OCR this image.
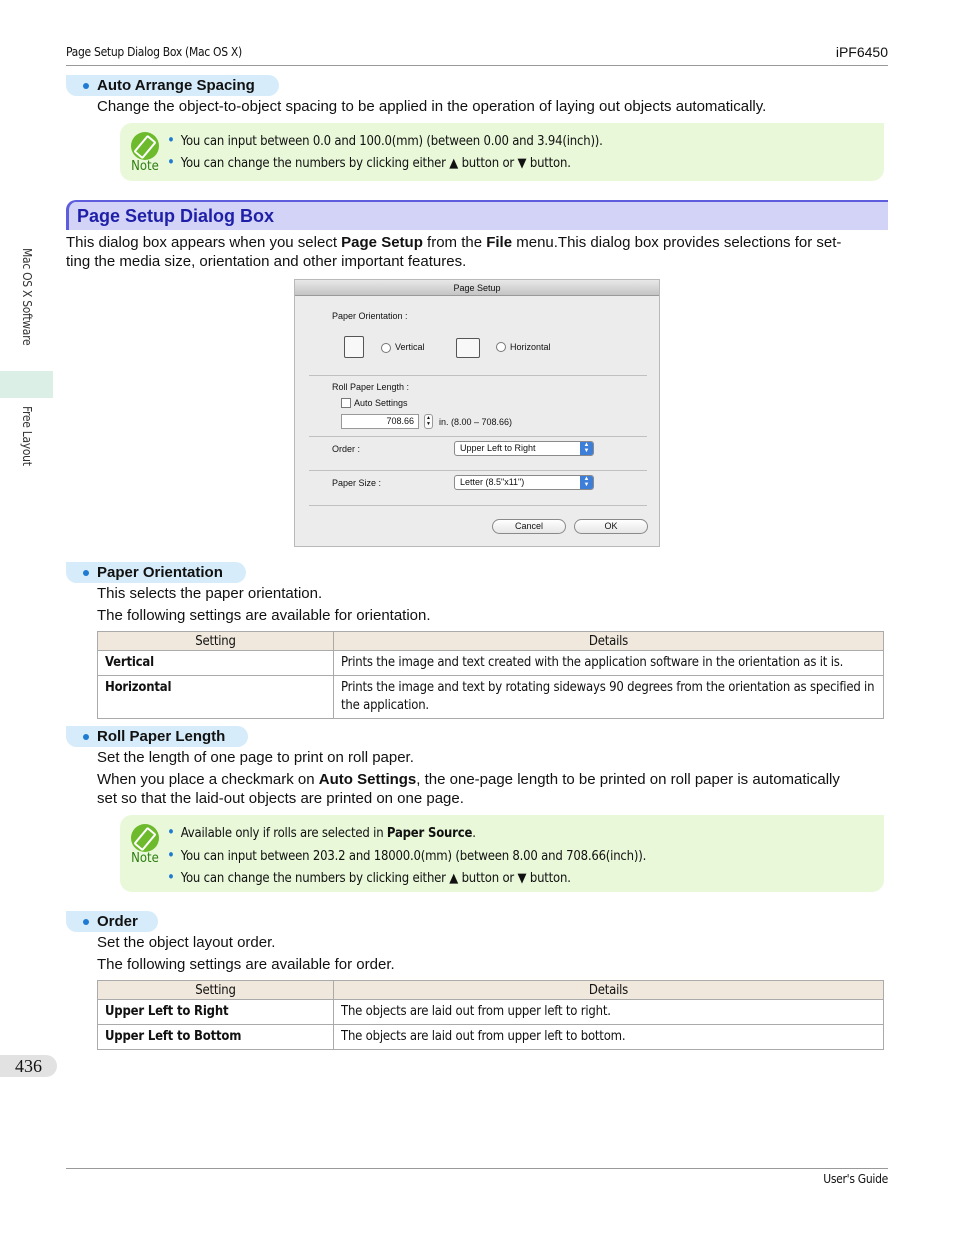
Page Setup Dialog Box (Mac OS X)	iPF6450
Mac OS X Software
Free Layout
Auto Arrange Spacing
Change the object-to-object spacing to be applied in the operation of laying out objects automatically.
Note
• You can input between 0.0 and 100.0(mm) (between 0.00 and 3.94(inch)).
• You can change the numbers by clicking either ▲ button or ▼ button.
Page Setup Dialog Box
This dialog box appears when you select Page Setup from the File menu.This dialog box provides selections for set-
ting the media size, orientation and other important features.
Page Setup
Paper Orientation :
Vertical	Horizontal
Roll Paper Length :
Auto Settings
708.66	▲
▼ in. (8.00 – 708.66)
Order :	Upper Left to Right	▲
▼
Paper Size :	Letter (8.5"x11")	▲
▼
Cancel	OK
Paper Orientation
This selects the paper orientation.
The following settings are available for orientation.
Setting	Details
Vertical	Prints the image and text created with the application software in the orientation as it is.
Horizontal	Prints the image and text by rotating sideways 90 degrees from the orientation as specified in the application.
Roll Paper Length
Set the length of one page to print on roll paper.
When you place a checkmark on Auto Settings, the one-page length to be printed on roll paper is automatically
set so that the laid-out objects are printed on one page.
Note
• Available only if rolls are selected in Paper Source.
• You can input between 203.2 and 18000.0(mm) (between 8.00 and 708.66(inch)).
• You can change the numbers by clicking either ▲ button or ▼ button.
Order
Set the object layout order.
The following settings are available for order.
Setting	Details
Upper Left to Right	The objects are laid out from upper left to right.
Upper Left to Bottom	The objects are laid out from upper left to bottom.
436
User's Guide
